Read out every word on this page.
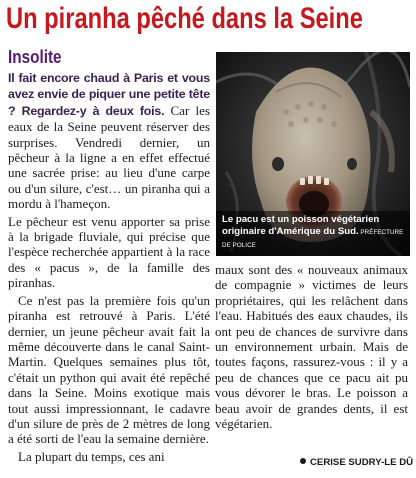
Un piranha pêché dans la Seine
Insolite

Il fait encore chaud à Paris et vous avez envie de piquer une petite tête ? Regardez-y à deux fois. Car les eaux de la Seine peuvent réserver des surprises. Vendredi dernier, un pêcheur à la ligne a en effet effectué une sacrée prise: au lieu d'une carpe ou d'un silure, c'est… un piranha qui a mordu à l'hameçon.

Le pêcheur est venu apporter sa prise à la brigade fluviale, qui précise que l'espèce recherchée appartient à la race des « pacus », de la famille des piranhas.

Ce n'est pas la première fois qu'un piranha est retrouvé à Paris. L'été dernier, un jeune pêcheur avait fait la même découverte dans le canal Saint-Martin. Quelques semaines plus tôt, c'était un python qui avait été repêché dans la Seine. Moins exotique mais tout aussi impressionnant, le cadavre d'un silure de près de 2 mètres de long a été sorti de l'eau la semaine dernière.

La plupart du temps, ces ani

Le pacu est un poisson végétarien
originaire d'Amérique du Sud. PRÉFECTURE DE POLICE

maux sont des « nouveaux animaux de compagnie » victimes de leurs propriétaires, qui les relâchent dans l'eau. Habitués des eaux chaudes, ils ont peu de chances de survivre dans un environnement urbain. Mais de toutes façons, rassurez-vous : il y a peu de chances que ce pacu ait pu vous dévorer le bras. Le poisson a beau avoir de grandes dents, il est végétarien.

CERISE SUDRY-LE DÛ
